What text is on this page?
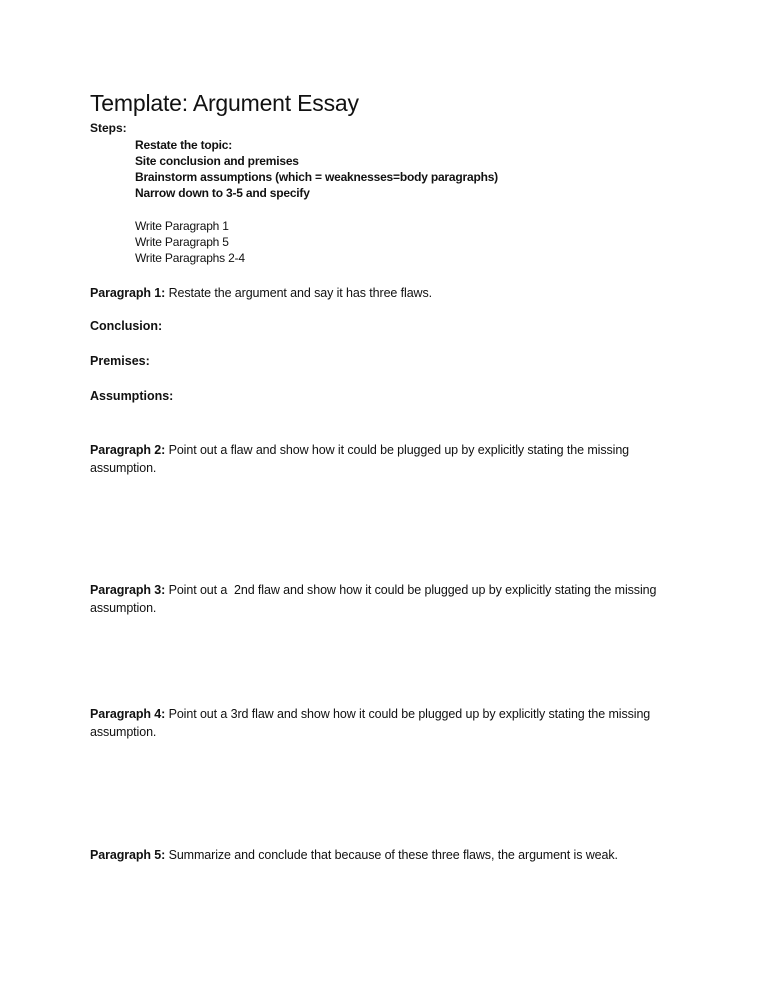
Template: Argument Essay
Steps:
Restate the topic:
Site conclusion and premises
Brainstorm assumptions (which = weaknesses=body paragraphs)
Narrow down to 3-5 and specify
Write Paragraph 1
Write Paragraph 5
Write Paragraphs 2-4
Paragraph 1: Restate the argument and say it has three flaws.
Conclusion:
Premises:
Assumptions:
Paragraph 2: Point out a flaw and show how it could be plugged up by explicitly stating the missing assumption.
Paragraph 3: Point out a  2nd flaw and show how it could be plugged up by explicitly stating the missing assumption.
Paragraph 4: Point out a 3rd flaw and show how it could be plugged up by explicitly stating the missing assumption.
Paragraph 5: Summarize and conclude that because of these three flaws, the argument is weak.
